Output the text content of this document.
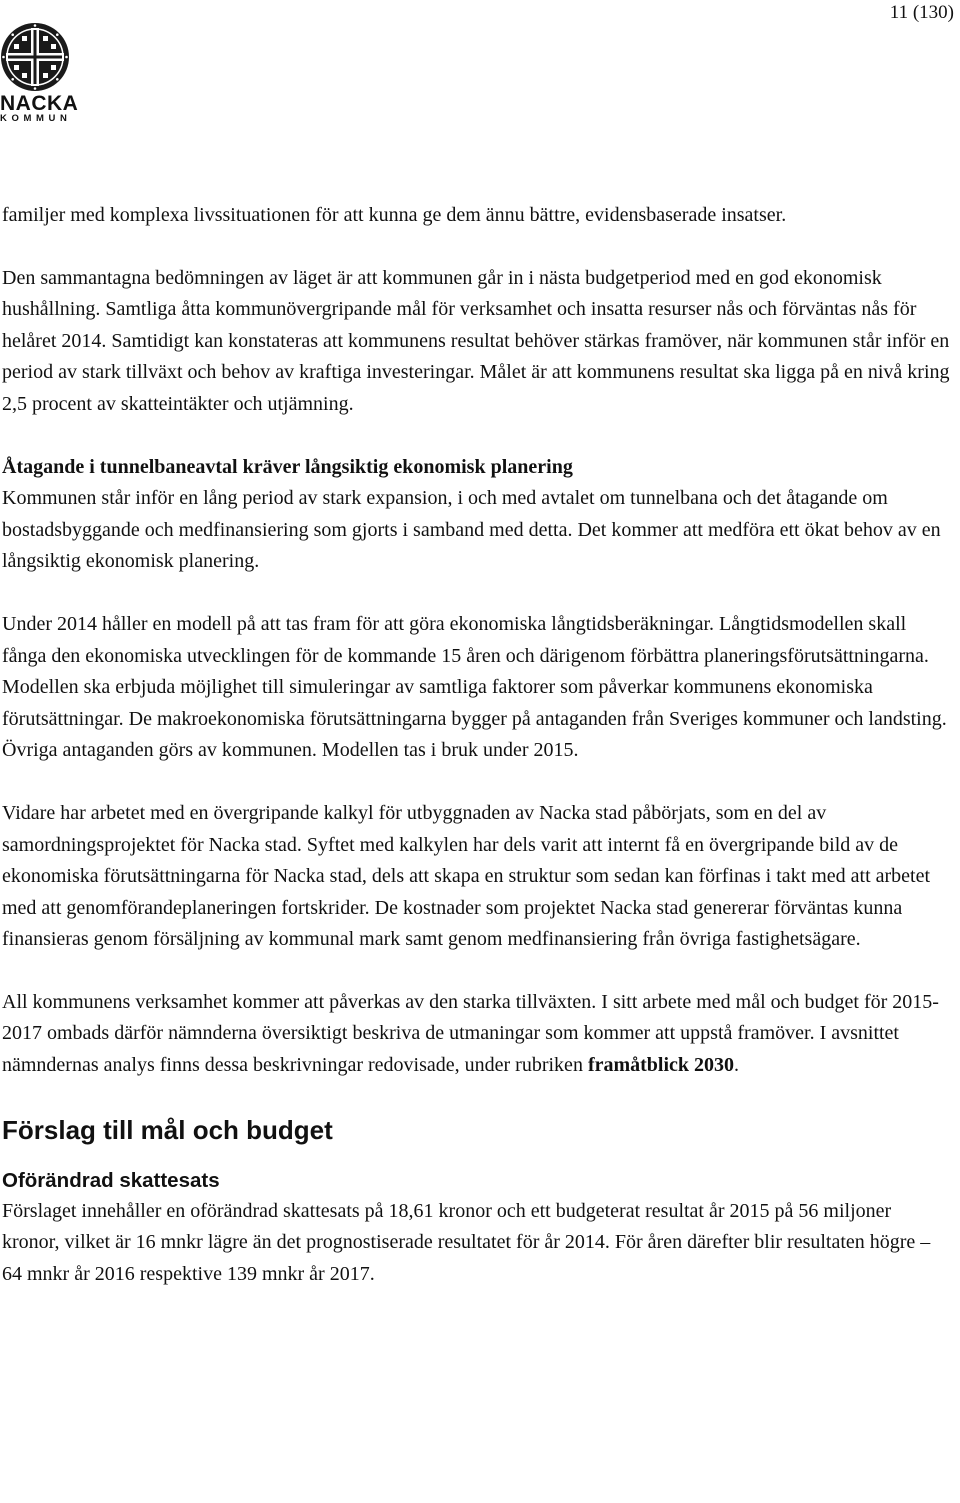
11 (130)
NACKA
KOMMUN

familjer med komplexa livssituationen för att kunna ge dem ännu bättre, evidensbaserade insatser.

Den sammantagna bedömningen av läget är att kommunen går in i nästa budgetperiod med en god ekonomisk hushållning. Samtliga åtta kommunövergripande mål för verksamhet och insatta resurser nås och förväntas nås för helåret 2014. Samtidigt kan konstateras att kommunens resultat behöver stärkas framöver, när kommunen står inför en period av stark tillväxt och behov av kraftiga investeringar. Målet är att kommunens resultat ska ligga på en nivå kring 2,5 procent av skatteintäkter och utjämning.

Åtagande i tunnelbaneavtal kräver långsiktig ekonomisk planering

Kommunen står inför en lång period av stark expansion, i och med avtalet om tunnelbana och det åtagande om bostadsbyggande och medfinansiering som gjorts i samband med detta. Det kommer att medföra ett ökat behov av en långsiktig ekonomisk planering.

Under 2014 håller en modell på att tas fram för att göra ekonomiska långtidsberäkningar. Långtidsmodellen skall fånga den ekonomiska utvecklingen för de kommande 15 åren och därigenom förbättra planeringsförutsättningarna. Modellen ska erbjuda möjlighet till simuleringar av samtliga faktorer som påverkar kommunens ekonomiska förutsättningar. De makroekonomiska förutsättningarna bygger på antaganden från Sveriges kommuner och landsting. Övriga antaganden görs av kommunen. Modellen tas i bruk under 2015.

Vidare har arbetet med en övergripande kalkyl för utbyggnaden av Nacka stad påbörjats, som en del av samordningsprojektet för Nacka stad. Syftet med kalkylen har dels varit att internt få en övergripande bild av de ekonomiska förutsättningarna för Nacka stad, dels att skapa en struktur som sedan kan förfinas i takt med att arbetet med att genomförandeplaneringen fortskrider. De kostnader som projektet Nacka stad genererar förväntas kunna finansieras genom försäljning av kommunal mark samt genom medfinansiering från övriga fastighetsägare.

All kommunens verksamhet kommer att påverkas av den starka tillväxten. I sitt arbete med mål och budget för 2015-2017 ombads därför nämnderna översiktigt beskriva de utmaningar som kommer att uppstå framöver. I avsnittet nämndernas analys finns dessa beskrivningar redovisade, under rubriken framåtblick 2030.

Förslag till mål och budget
Oförändrad skattesats

Förslaget innehåller en oförändrad skattesats på 18,61 kronor och ett budgeterat resultat år 2015 på 56 miljoner kronor, vilket är 16 mnkr lägre än det prognostiserade resultatet för år 2014. För åren därefter blir resultaten högre – 64 mnkr år 2016 respektive 139 mnkr år 2017.
